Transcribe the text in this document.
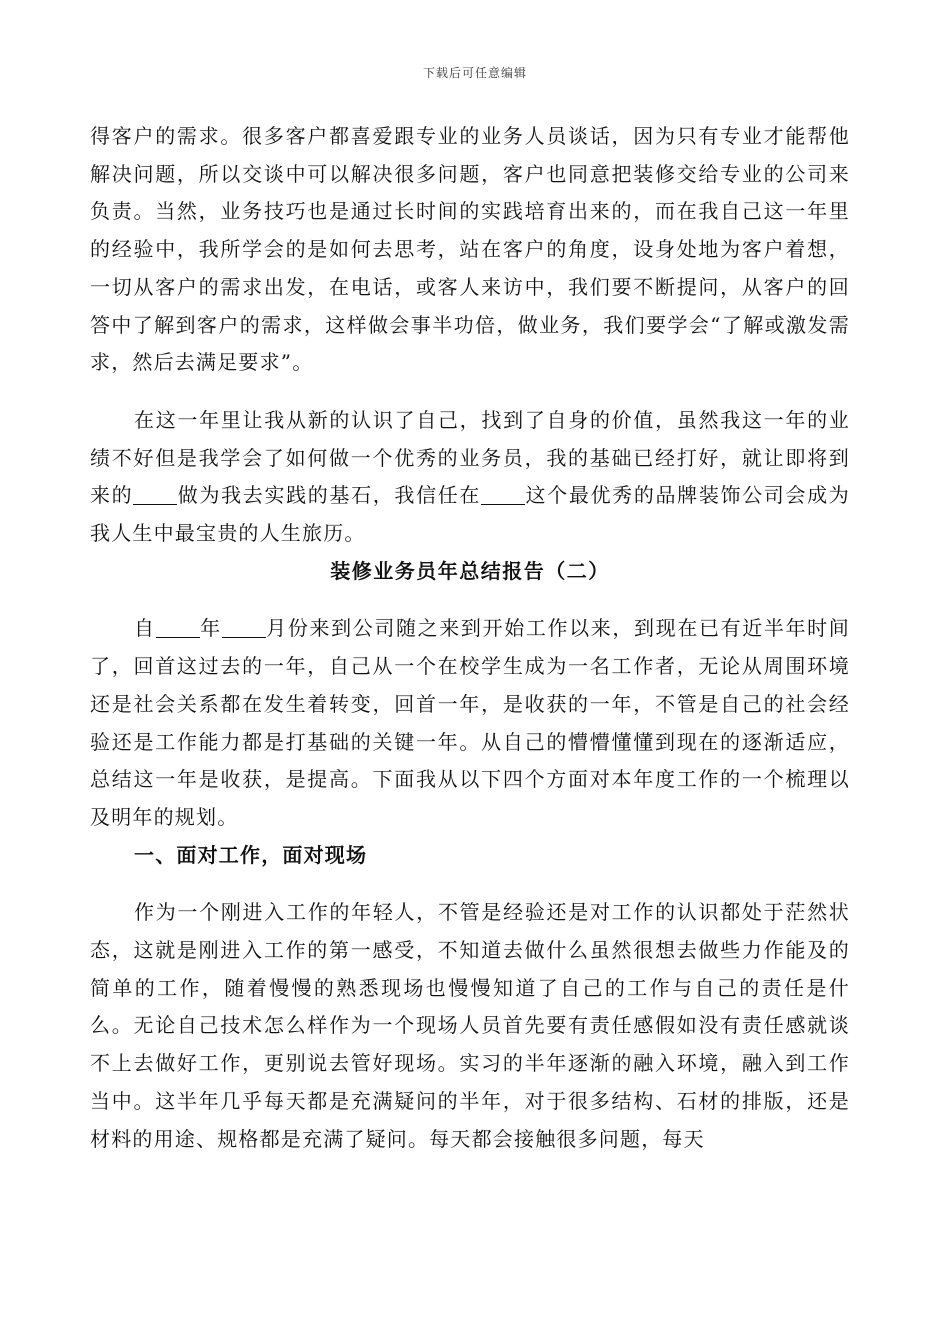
下载后可任意编辑

得客户的需求。很多客户都喜爱跟专业的业务人员谈话，因为只有专业才能帮他解决问题，所以交谈中可以解决很多问题，客户也同意把装修交给专业的公司来负责。当然，业务技巧也是通过长时间的实践培育出来的，而在我自己这一年里的经验中，我所学会的是如何去思考，站在客户的角度，设身处地为客户着想，一切从客户的需求出发，在电话，或客人来访中，我们要不断提问，从客户的回答中了解到客户的需求，这样做会事半功倍，做业务，我们要学会“了解或激发需求，然后去满足要求”。

在这一年里让我从新的认识了自己，找到了自身的价值，虽然我这一年的业绩不好但是我学会了如何做一个优秀的业务员，我的基础已经打好，就让即将到来的 做为我去实践的基石，我信任在 这个最优秀的品牌装饰公司会成为我人生中最宝贵的人生旅历。

装修业务员年总结报告（二）

自 年 月份来到公司随之来到开始工作以来，到现在已有近半年时间了，回首这过去的一年，自己从一个在校学生成为一名工作者，无论从周围环境还是社会关系都在发生着转变，回首一年，是收获的一年，不管是自己的社会经验还是工作能力都是打基础的关键一年。从自己的懵懵懂懂到现在的逐渐适应，总结这一年是收获，是提高。下面我从以下四个方面对本年度工作的一个梳理以及明年的规划。

一、面对工作，面对现场

作为一个刚进入工作的年轻人，不管是经验还是对工作的认识都处于茫然状态，这就是刚进入工作的第一感受，不知道去做什么虽然很想去做些力作能及的简单的工作，随着慢慢的熟悉现场也慢慢知道了自己的工作与自己的责任是什么。无论自己技术怎么样作为一个现场人员首先要有责任感假如没有责任感就谈不上去做好工作，更别说去管好现场。实习的半年逐渐的融入环境，融入到工作当中。这半年几乎每天都是充满疑问的半年，对于很多结构、石材的排版，还是材料的用途、规格都是充满了疑问。每天都会接触很多问题，每天
